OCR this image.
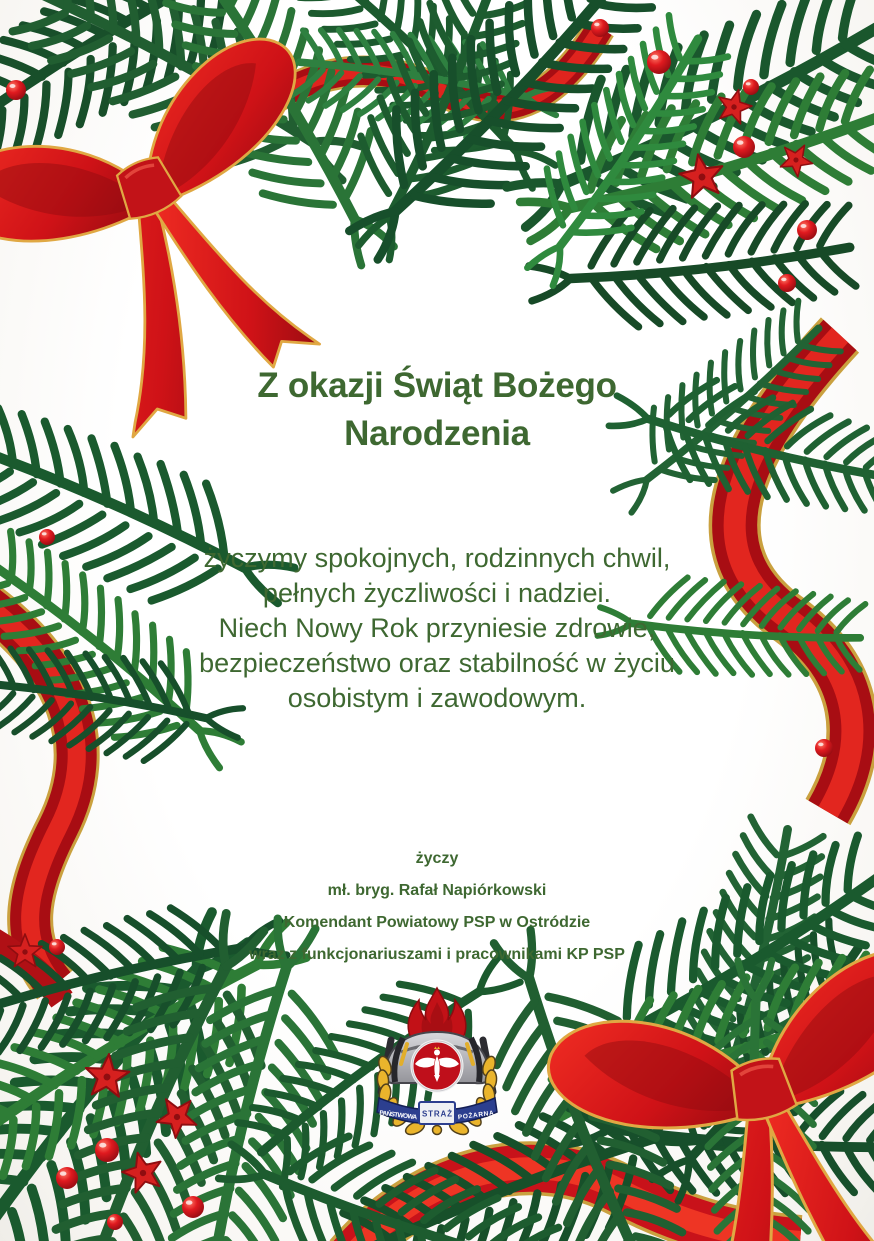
Z okazji Świąt Bożego
Narodzenia
życzymy spokojnych, rodzinnych chwil,
pełnych życzliwości i nadziei.
Niech Nowy Rok przyniesie zdrowie,
bezpieczeństwo oraz stabilność w życiu
osobistym i zawodowym.
życzy
mł. bryg. Rafał Napiórkowski
Komendant Powiatowy PSP w Ostródzie
wraz z funkcjonariuszami i pracownikami KP PSP
PAŃSTWOWA STRAŻ POŻARNA
